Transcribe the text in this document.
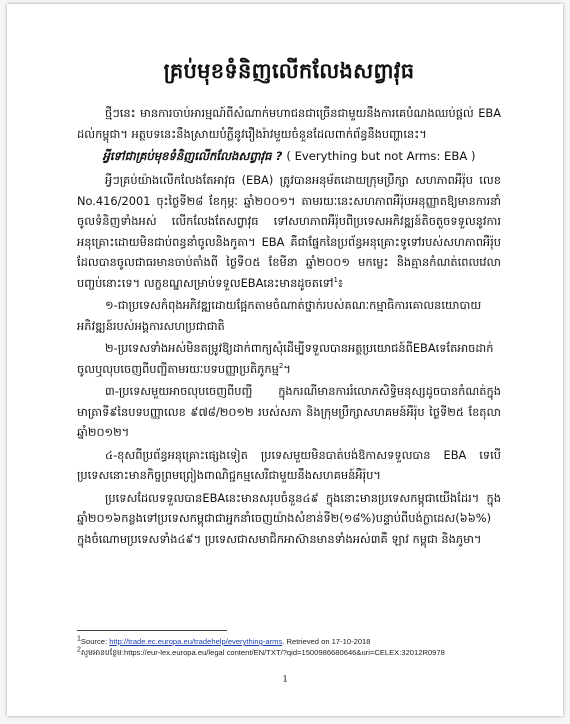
គ្រប់មុខទំនិញលើកលែងសព្វាវុធ

ថ្មីៗនេះ មានការចាប់អារម្មណ៍ពីសំណាក់មហាជនជាច្រើនជាមួយនឹងការគេបំណងឈប់ផ្តល់ EBA ដល់កម្ពុជា។ អត្ថបទនេះនឹងស្រាយបំភ្លឺនូវរឿងរ៉ាវមួយចំនួនដែលពាក់ព័ន្ធនឹងបញ្ហានេះ។

អ្វីទៅជាគ្រប់មុខទំនិញលើកលែងសព្វាវុធ ? ( Everything but not Arms: EBA )

អ្វីៗគ្រប់យ៉ាងលើកលែងតែអាវុធ (EBA) ត្រូវបានអនុម័តដោយក្រុមប្រឹក្សា សហភាពអឺរ៉ុប លេខ No.416/2001 ចុះថ្ងៃទី២៨ ខែកុម្ភៈ ឆ្នាំ២០០១។ តាមរយៈនេះសហភាពអឺរ៉ុបអនុញ្ញាតឱ្យមានការនាំចូលទំនិញទាំងអស់ លើកលែងតែសព្វាវុធ ទៅសហភាពអឺរ៉ុបពីប្រទេសអភិវឌ្ឍន៍តិចតួចទទួលនូវការអនុគ្រោះដោយមិនជាប់ពន្ធនាំចូលនិងកូតា។ EBA គឺជាផ្នែកនៃប្រព័ន្ធអនុគ្រោះទូទៅរបស់សហភាពអឺរ៉ុបដែលបានចូលជាធរមានចាប់តាំងពី ថ្ងៃទី០៥ ខែមីនា ឆ្នាំ២០០១ មកម្លេះ និងគ្មានកំណត់ពេលវេលាបញ្ចប់នោះទេ។ លក្ខខណ្ឌសម្រាប់ទទួលEBAនេះមានដូចតទៅ$^1$៖

១-ជាប្រទេសកំពុងអភិវឌ្ឍដោយផ្អែកតាមចំណាត់ថ្នាក់របស់គណៈកម្មាធិការគោលនយោបាយអភិវឌ្ឍន៍របស់អង្គការសហប្រជាជាតិ

២-ប្រទេសទាំងអស់មិនតម្រូវឱ្យដាក់ពាក្យសុំដើម្បីទទួលបានអត្ថប្រយោជន៍ពីEBAទេតែអាចដាក់ចូលឬលុបចេញពីបញ្ជីតាមរយៈបទបញ្ញាប្រតិភូកម្ម$^2$។

៣-ប្រទេសមួយអាចលុបចេញពីបញ្ជី ក្នុងករណីមានការរំលោភសិទ្ធិមនុស្សដូចបានកំណត់ក្នុងមាត្រាទី៩នៃបទបញ្ញាលេខ ៩៧៨/២០១២ របស់សភា និងក្រុមប្រឹក្សាសហគមន៍អឺរ៉ុប ថ្ងៃទី២៥ ខែតុលា ឆ្នាំ២០១២។

៤-ខុសពីប្រព័ន្ធអនុគ្រោះផ្សេងទៀត ប្រទេសមួយមិនបាត់បង់ឱកាសទទួលបាន EBA ទេបើប្រទេសនោះមានកិច្ចព្រមព្រៀងពាណិជ្ជកម្មសេរីជាមួយនឹងសហគមន៍អឺរ៉ុប។

ប្រទេសដែលទទួលបានEBAនេះមានសរុបចំនួន៤៩ ក្នុងនោះមានប្រទេសកម្ពុជាយើងដែរ។ ក្នុងឆ្នាំ២០១៦កន្លងទៅប្រទេសកម្ពុជាជាអ្នកនាំចេញយ៉ាងសំខាន់ទី២(១៨%)បន្ទាប់ពីបង់ក្លាដេស(៦៦%) ក្នុងចំណោមប្រទេសទាំង៤៩។ ប្រទេសជាសមាជិកអាស៊ានមានទាំងអស់៣គឺ ឡាវ កម្ពុជា និងភូមា។

$^1$Source: http://trade.ec.europa.eu/tradehelp/everything-arms. Retrieved on 17-10-2018
$^2$សូមអានបន្ថែម:https://eur-lex.europa.eu/legal content/EN/TXT/?qid=1500986680646&uri=CELEX:32012R0978
1
